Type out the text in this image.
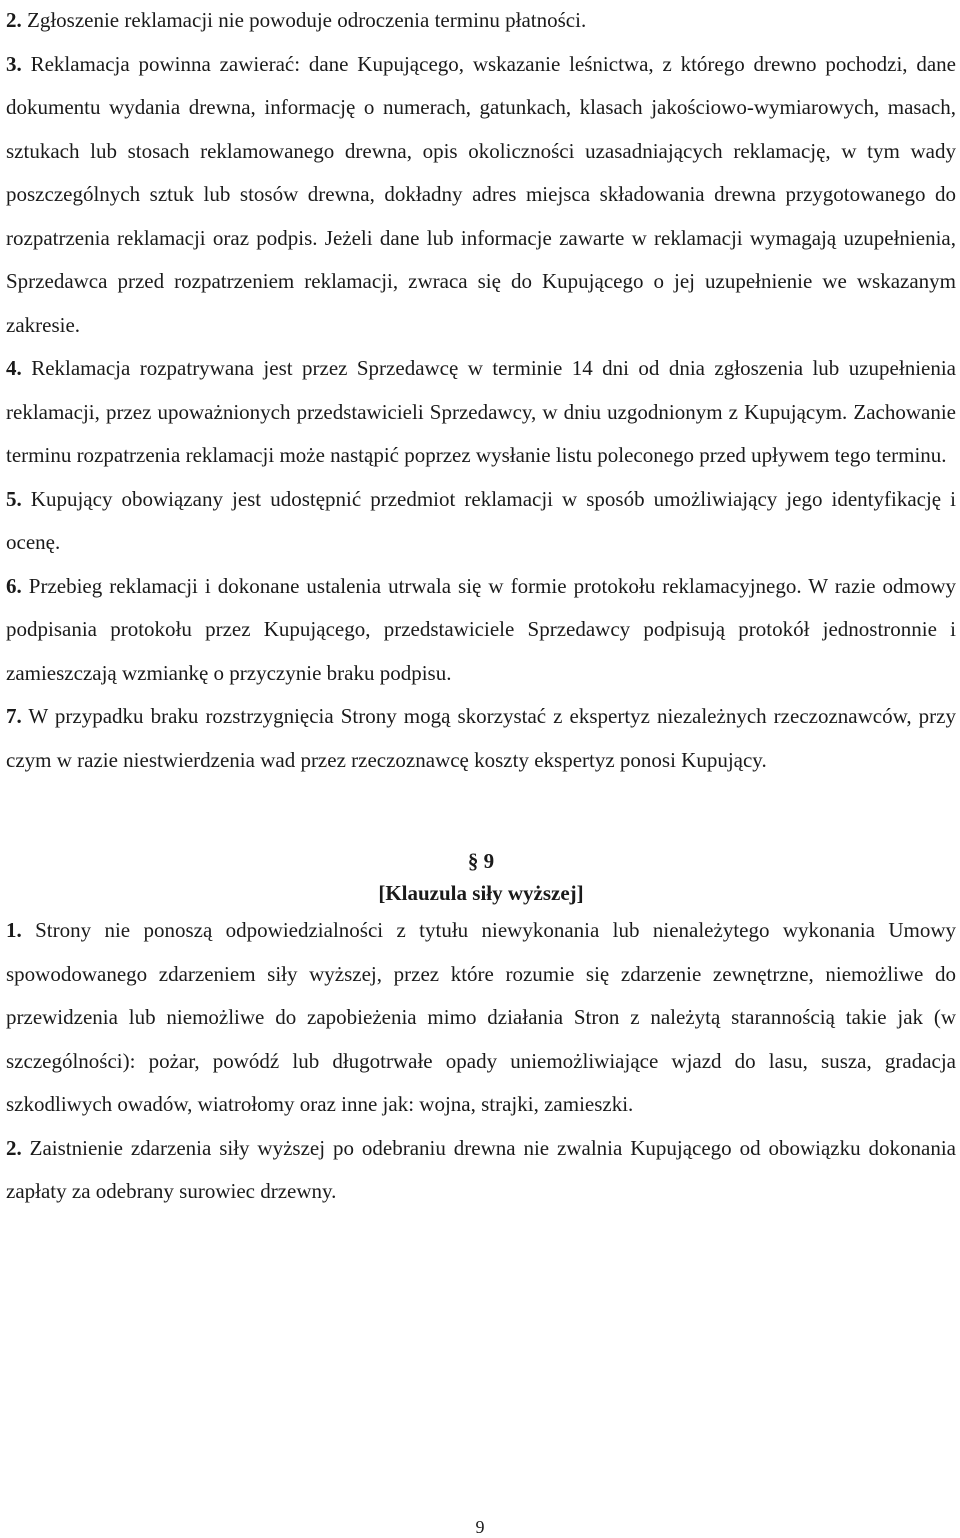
2. Zgłoszenie reklamacji nie powoduje odroczenia terminu płatności.

3. Reklamacja powinna zawierać: dane Kupującego, wskazanie leśnictwa, z którego drewno pochodzi, dane dokumentu wydania drewna, informację o numerach, gatunkach, klasach jakościowo-wymiarowych, masach, sztukach lub stosach reklamowanego drewna, opis okoliczności uzasadniających reklamację, w tym wady poszczególnych sztuk lub stosów drewna, dokładny adres miejsca składowania drewna przygotowanego do rozpatrzenia reklamacji oraz podpis. Jeżeli dane lub informacje zawarte w reklamacji wymagają uzupełnienia, Sprzedawca przed rozpatrzeniem reklamacji, zwraca się do Kupującego o jej uzupełnienie we wskazanym zakresie.

4. Reklamacja rozpatrywana jest przez Sprzedawcę w terminie 14 dni od dnia zgłoszenia lub uzupełnienia reklamacji, przez upoważnionych przedstawicieli Sprzedawcy, w dniu uzgodnionym z Kupującym. Zachowanie terminu rozpatrzenia reklamacji może nastąpić poprzez wysłanie listu poleconego przed upływem tego terminu.

5. Kupujący obowiązany jest udostępnić przedmiot reklamacji w sposób umożliwiający jego identyfikację i ocenę.

6. Przebieg reklamacji i dokonane ustalenia utrwala się w formie protokołu reklamacyjnego. W razie odmowy podpisania protokołu przez Kupującego, przedstawiciele Sprzedawcy podpisują protokół jednostronnie i zamieszczają wzmiankę o przyczynie braku podpisu.

7. W przypadku braku rozstrzygnięcia Strony mogą skorzystać z ekspertyz niezależnych rzeczoznawców, przy czym w razie niestwierdzenia wad przez rzeczoznawcę koszty ekspertyz ponosi Kupujący.

§ 9
[Klauzula siły wyższej]

1. Strony nie ponoszą odpowiedzialności z tytułu niewykonania lub nienależytego wykonania Umowy spowodowanego zdarzeniem siły wyższej, przez które rozumie się zdarzenie zewnętrzne, niemożliwe do przewidzenia lub niemożliwe do zapobieżenia mimo działania Stron z należytą starannością takie jak (w szczególności): pożar, powódź lub długotrwałe opady uniemożliwiające wjazd do lasu, susza, gradacja szkodliwych owadów, wiatrołomy oraz inne jak: wojna, strajki, zamieszki.

2. Zaistnienie zdarzenia siły wyższej po odebraniu drewna nie zwalnia Kupującego od obowiązku dokonania zapłaty za odebrany surowiec drzewny.

9
